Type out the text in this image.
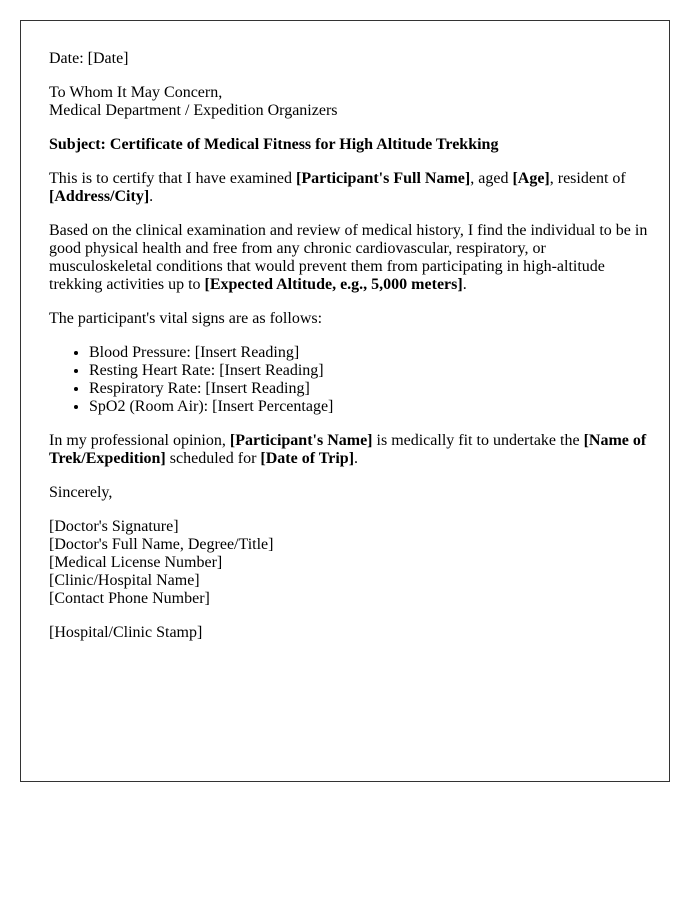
Date: [Date]

To Whom It May Concern,
Medical Department / Expedition Organizers

Subject: Certificate of Medical Fitness for High Altitude Trekking

This is to certify that I have examined [Participant's Full Name], aged [Age], resident of [Address/City].

Based on the clinical examination and review of medical history, I find the individual to be in good physical health and free from any chronic cardiovascular, respiratory, or musculoskeletal conditions that would prevent them from participating in high-altitude trekking activities up to [Expected Altitude, e.g., 5,000 meters].

The participant's vital signs are as follows:

• Blood Pressure: [Insert Reading]
• Resting Heart Rate: [Insert Reading]
• Respiratory Rate: [Insert Reading]
• SpO2 (Room Air): [Insert Percentage]

In my professional opinion, [Participant's Name] is medically fit to undertake the [Name of Trek/Expedition] scheduled for [Date of Trip].

Sincerely,

[Doctor's Signature]
[Doctor's Full Name, Degree/Title]
[Medical License Number]
[Clinic/Hospital Name]
[Contact Phone Number]

[Hospital/Clinic Stamp]
